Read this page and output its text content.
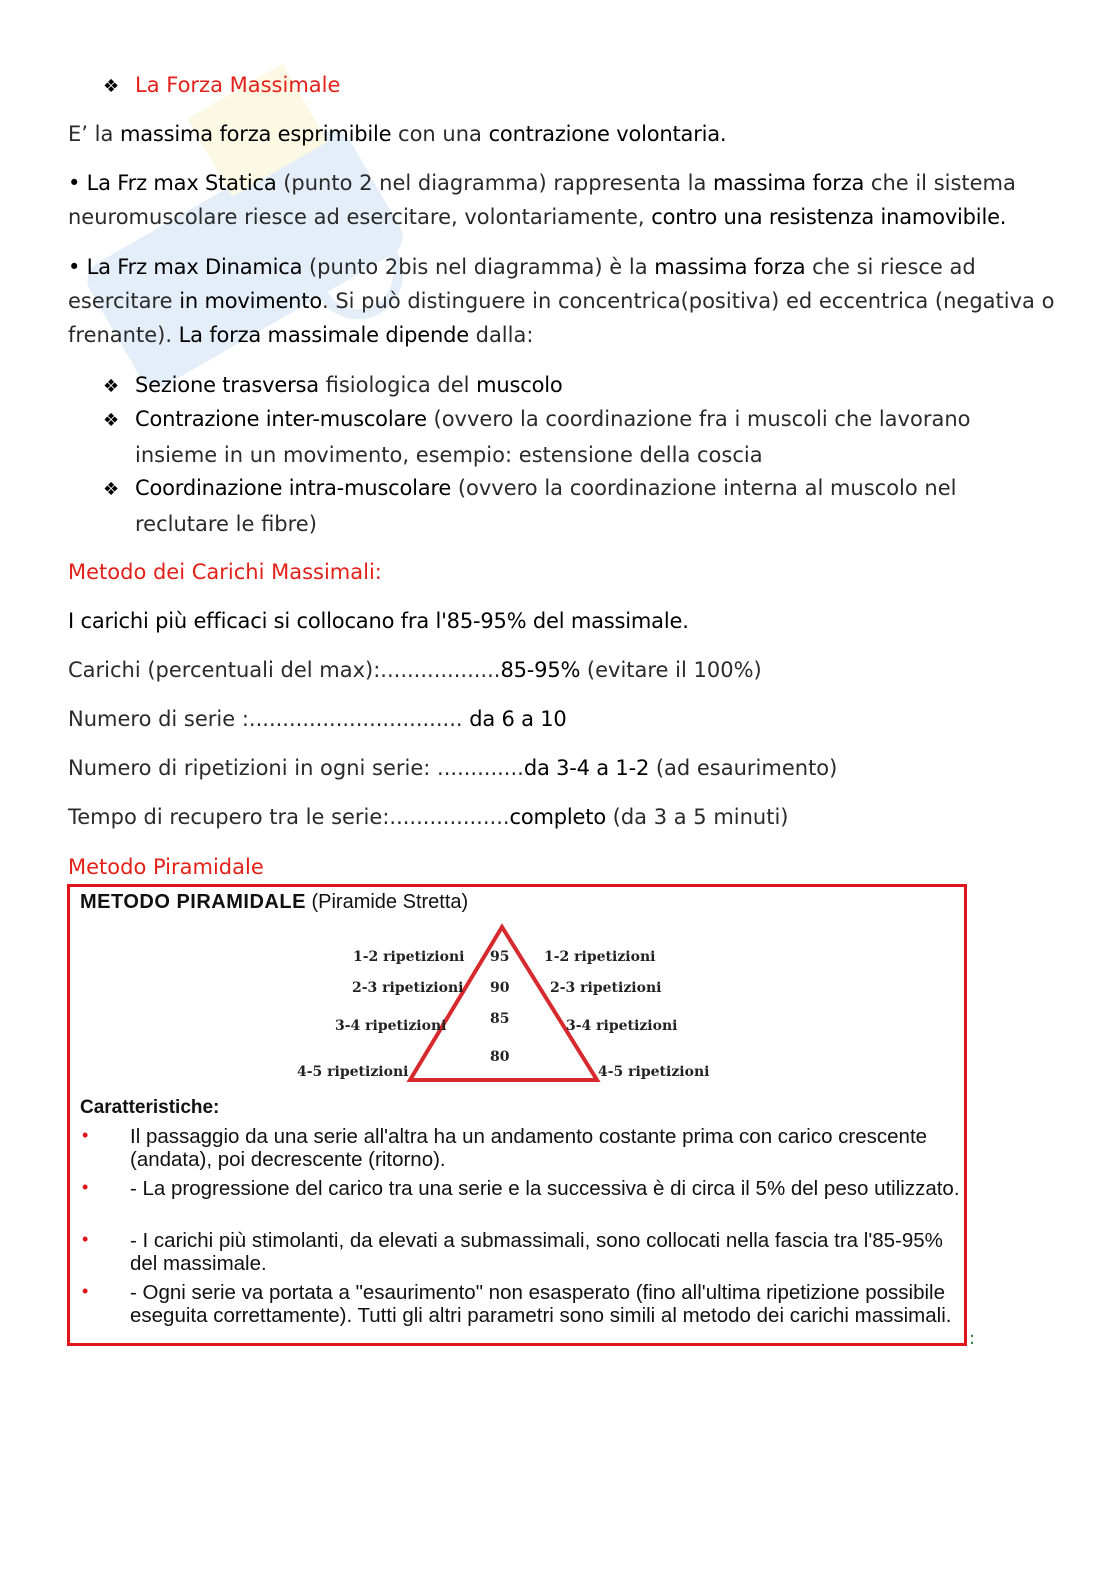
❖ La Forza Massimale
E’ la massima forza esprimibile con una contrazione volontaria.
• La Frz max Statica (punto 2 nel diagramma) rappresenta la massima forza che il sistema
neuromuscolare riesce ad esercitare, volontariamente, contro una resistenza inamovibile.
• La Frz max Dinamica (punto 2bis nel diagramma) è la massima forza che si riesce ad
esercitare in movimento. Si può distinguere in concentrica(positiva) ed eccentrica (negativa o
frenante). La forza massimale dipende dalla:
❖ Sezione trasversa fisiologica del muscolo
❖ Contrazione inter-muscolare (ovvero la coordinazione fra i muscoli che lavorano
insieme in un movimento, esempio: estensione della coscia
❖ Coordinazione intra-muscolare (ovvero la coordinazione interna al muscolo nel
reclutare le fibre)
Metodo dei Carichi Massimali:
I carichi più efficaci si collocano fra l'85-95% del massimale.
Carichi (percentuali del max):..................85-95% (evitare il 100%)
Numero di serie :................................ da 6 a 10
Numero di ripetizioni in ogni serie: .............da 3-4 a 1-2 (ad esaurimento)
Tempo di recupero tra le serie:..................completo (da 3 a 5 minuti)
Metodo Piramidale
METODO PIRAMIDALE (Piramide Stretta)
1-2 ripetizioni
2-3 ripetizioni
3-4 ripetizioni
4-5 ripetizioni
1-2 ripetizioni
2-3 ripetizioni
3-4 ripetizioni
4-5 ripetizioni
95
90
85
80
Caratteristiche:
• Il passaggio da una serie all'altra ha un andamento costante prima con carico crescente (andata), poi decrescente (ritorno).
• - La progressione del carico tra una serie e la successiva è di circa il 5% del peso utilizzato.
• - I carichi più stimolanti, da elevati a submassimali, sono collocati nella fascia tra l'85-95% del massimale.
• - Ogni serie va portata a "esaurimento" non esasperato (fino all'ultima ripetizione possibile eseguita correttamente). Tutti gli altri parametri sono simili al metodo dei carichi massimali.
:
